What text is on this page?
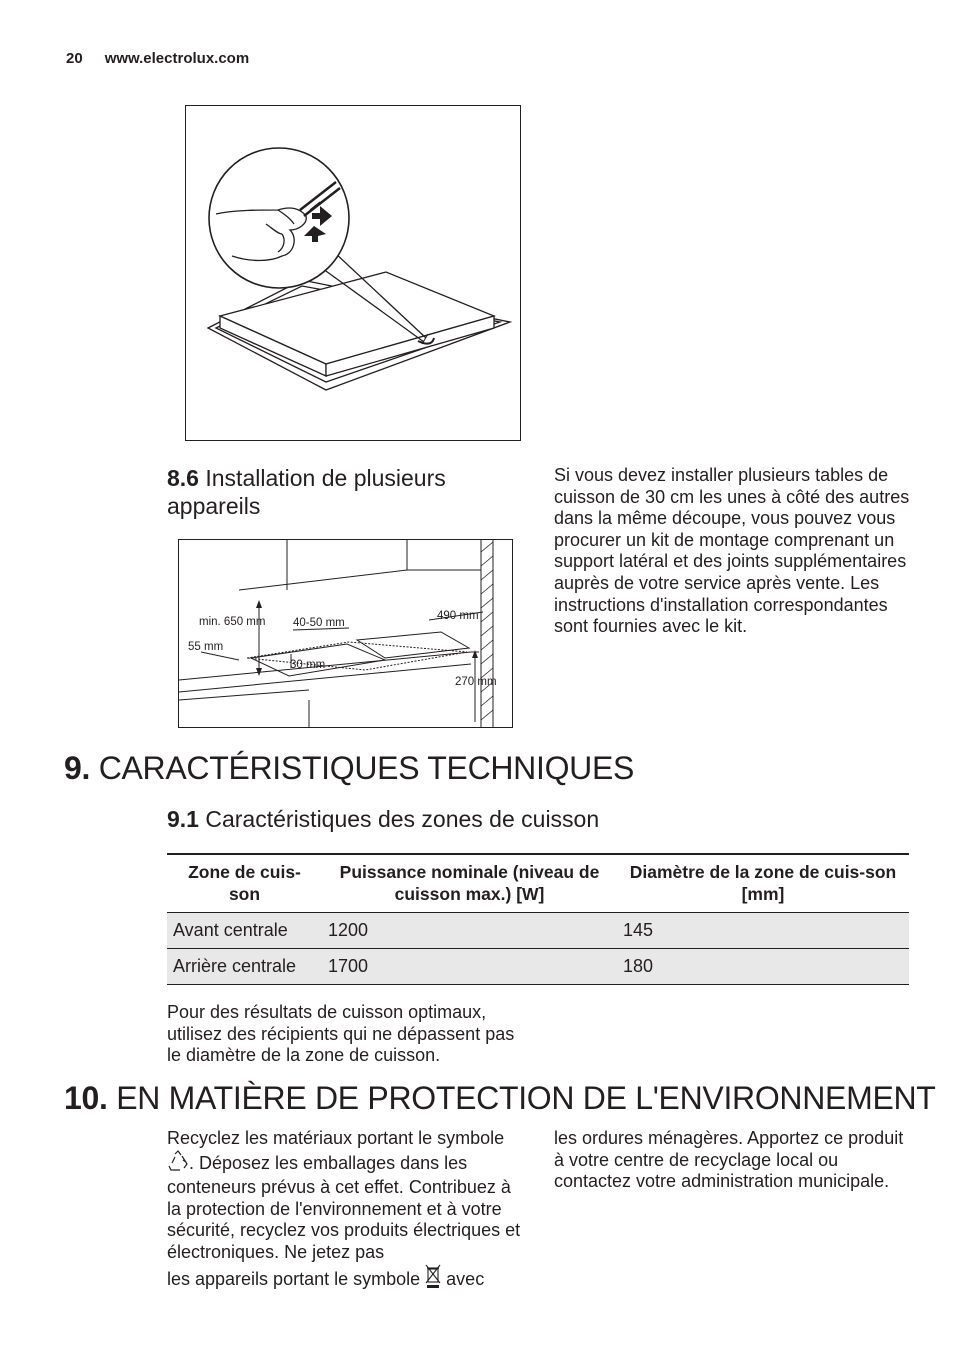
20 www.electrolux.com
8.6 Installation de plusieurs appareils
Si vous devez installer plusieurs tables de cuisson de 30 cm les unes à côté des autres dans la même découpe, vous pouvez vous procurer un kit de montage comprenant un support latéral et des joints supplémentaires auprès de votre service après vente. Les instructions d'installation correspondantes sont fournies avec le kit.
min. 650 mm 40-50 mm
490 mm
55 mm
30 mm
270 mm
9. CARACTÉRISTIQUES TECHNIQUES
9.1 Caractéristiques des zones de cuisson
Zone de cuis-son	Puissance nominale (niveau de cuisson max.) [W]	Diamètre de la zone de cuis-son [mm]
Avant centrale	1200	145
Arrière centrale	1700	180
Pour des résultats de cuisson optimaux, utilisez des récipients qui ne dépassent pas le diamètre de la zone de cuisson.
10. EN MATIÈRE DE PROTECTION DE L'ENVIRONNEMENT
Recyclez les matériaux portant le symbole
. Déposez les emballages dans les conteneurs prévus à cet effet. Contribuez à la protection de l'environnement et à votre sécurité, recyclez vos produits électriques et électroniques. Ne jetez pas
les appareils portant le symbole avec
les ordures ménagères. Apportez ce produit à votre centre de recyclage local ou contactez votre administration municipale.
